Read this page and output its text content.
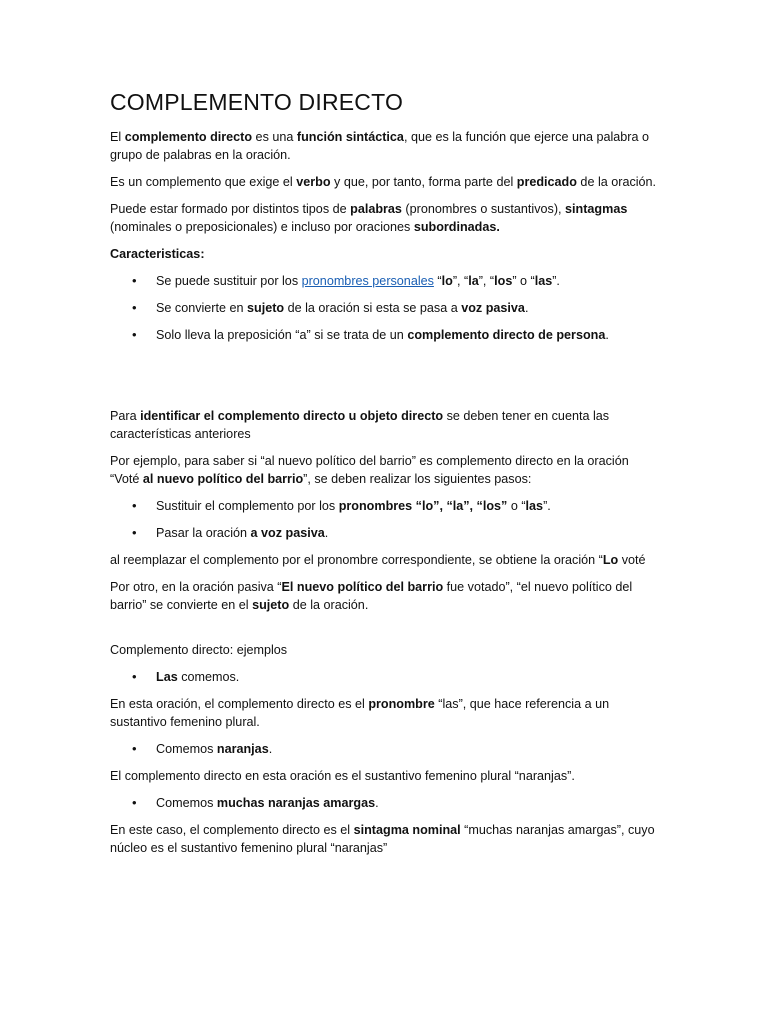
COMPLEMENTO DIRECTO

El complemento directo es una función sintáctica, que es la función que ejerce una palabra o grupo de palabras en la oración.

Es un complemento que exige el verbo y que, por tanto, forma parte del predicado de la oración.

Puede estar formado por distintos tipos de palabras (pronombres o sustantivos), sintagmas (nominales o preposicionales) e incluso por oraciones subordinadas.

Caracteristicas:

• Se puede sustituir por los pronombres personales “lo”, “la”, “los” o “las”.
• Se convierte en sujeto de la oración si esta se pasa a voz pasiva.
• Solo lleva la preposición “a” si se trata de un complemento directo de persona.

Para identificar el complemento directo u objeto directo se deben tener en cuenta las características anteriores

Por ejemplo, para saber si “al nuevo político del barrio” es complemento directo en la oración “Voté al nuevo político del barrio”, se deben realizar los siguientes pasos:

• Sustituir el complemento por los pronombres “lo”, “la”, “los” o “las”.
• Pasar la oración a voz pasiva.

al reemplazar el complemento por el pronombre correspondiente, se obtiene la oración “Lo voté

Por otro, en la oración pasiva “El nuevo político del barrio fue votado”, “el nuevo político del barrio” se convierte en el sujeto de la oración.

Complemento directo: ejemplos

• Las comemos.

En esta oración, el complemento directo es el pronombre “las”, que hace referencia a un sustantivo femenino plural.

• Comemos naranjas.

El complemento directo en esta oración es el sustantivo femenino plural “naranjas”.

• Comemos muchas naranjas amargas.

En este caso, el complemento directo es el sintagma nominal “muchas naranjas amargas”, cuyo núcleo es el sustantivo femenino plural “naranjas”
